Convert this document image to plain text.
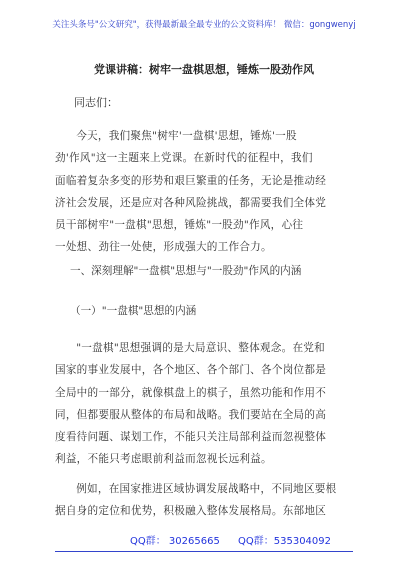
关注头条号"公文研究"，获得最新最全最专业的公文资料库！ 微信：gongwenyj
党课讲稿：树牢一盘棋思想，锤炼一股劲作风
同志们：
今天，我们聚焦"树牢'一盘棋'思想，锤炼'一股
劲'作风"这一主题来上党课。在新时代的征程中，我们
面临着复杂多变的形势和艰巨繁重的任务，无论是推动经
济社会发展，还是应对各种风险挑战，都需要我们全体党
员干部树牢"一盘棋"思想，锤炼"一股劲"作风，心往
一处想、劲往一处使，形成强大的工作合力。
一、深刻理解"一盘棋"思想与"一股劲"作风的内涵
（一）"一盘棋"思想的内涵
"一盘棋"思想强调的是大局意识、整体观念。在党和
国家的事业发展中，各个地区、各个部门、各个岗位都是
全局中的一部分，就像棋盘上的棋子，虽然功能和作用不
同，但都要服从整体的布局和战略。我们要站在全局的高
度看待问题、谋划工作，不能只关注局部利益而忽视整体
利益，不能只考虑眼前利益而忽视长远利益。
例如，在国家推进区域协调发展战略中，不同地区要根
据自身的定位和优势，积极融入整体发展格局。东部地区
QQ群： 30265665 QQ群：535304092
